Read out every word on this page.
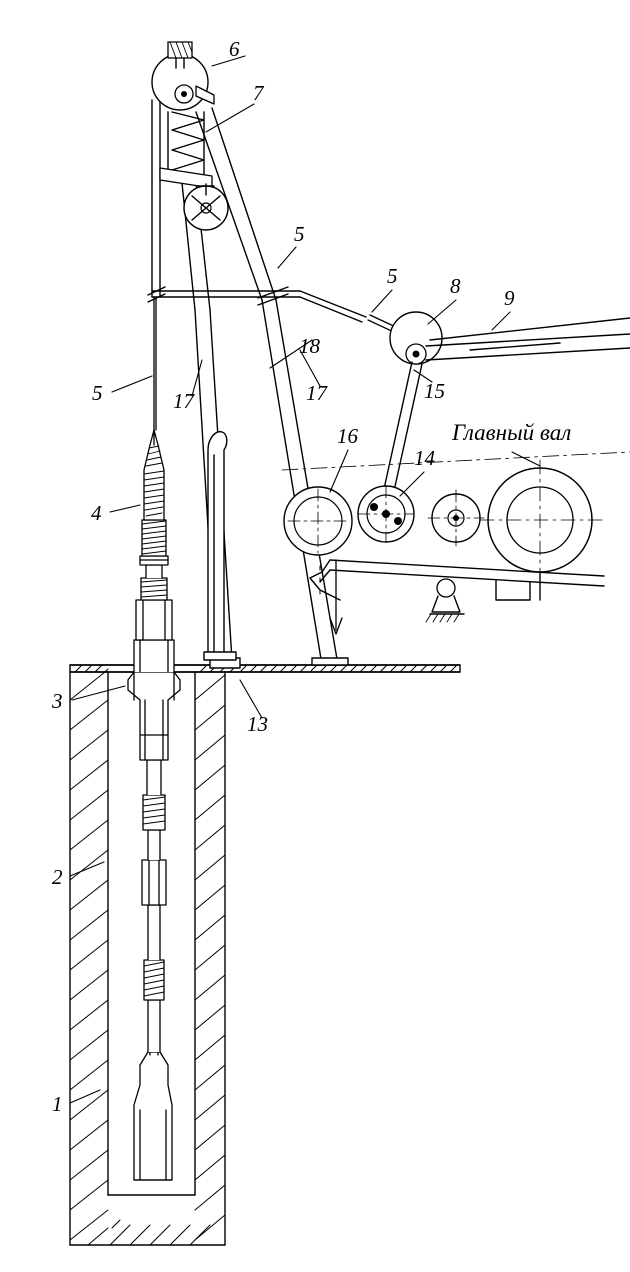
1
2
3
4
5
5
5
6
7
8 9
13
14
15
16
17	17
18
Главный вал
